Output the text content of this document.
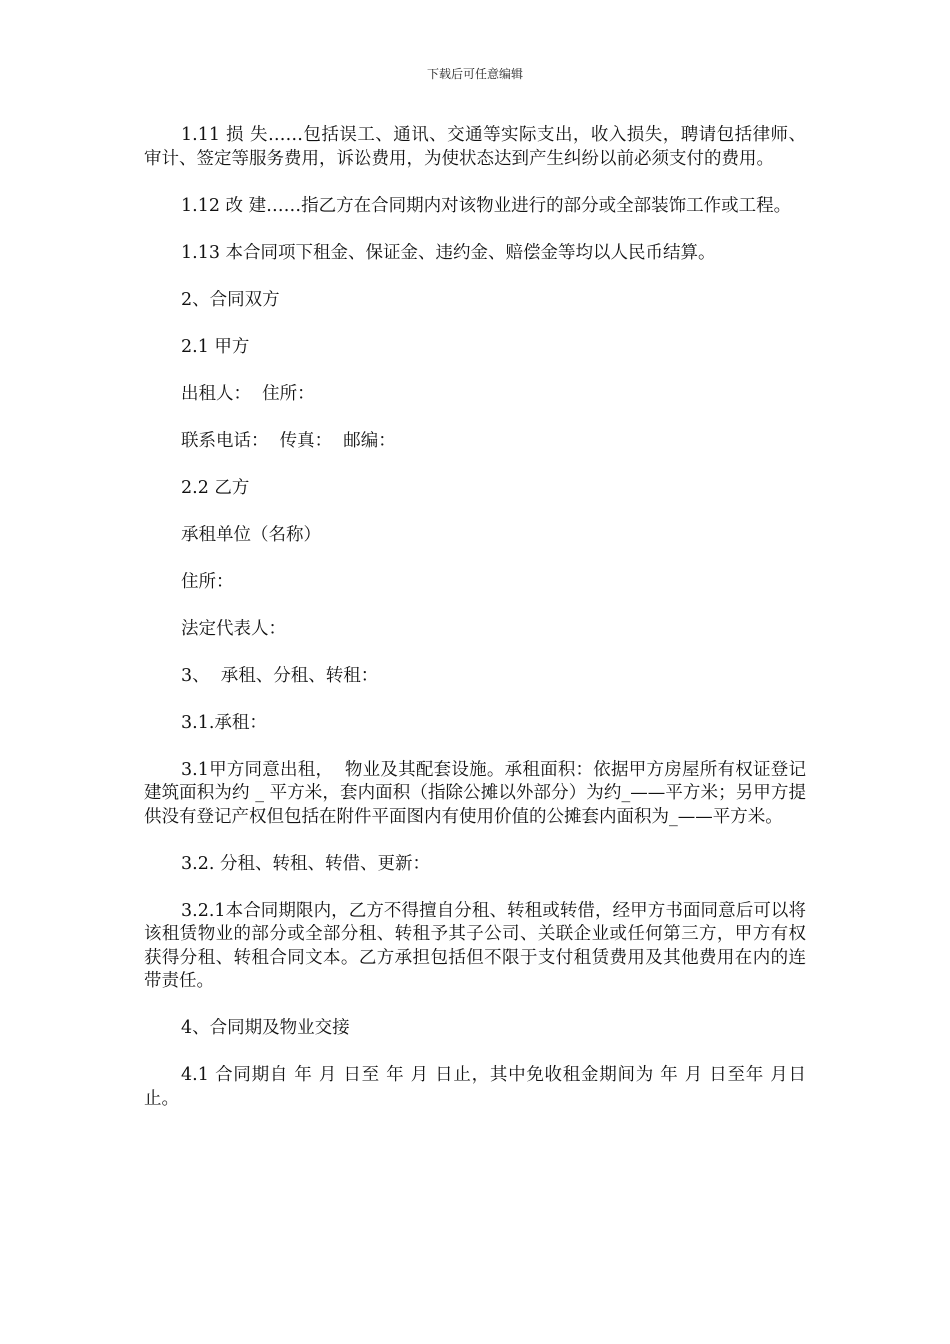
下载后可任意编辑

1.11 损 失……包括误工、通讯、交通等实际支出，收入损失，聘请包括律师、审计、签定等服务费用，诉讼费用，为使状态达到产生纠纷以前必须支付的费用。

1.12 改 建……指乙方在合同期内对该物业进行的部分或全部装饰工作或工程。

1.13 本合同项下租金、保证金、违约金、赔偿金等均以人民币结算。

2、合同双方

2.1 甲方

出租人：  住所：

联系电话：  传真：  邮编：

2.2 乙方

承租单位（名称）

住所：

法定代表人：

3、  承租、分租、转租：

3.1.承租：

3.1甲方同意出租，  物业及其配套设施。承租面积：依据甲方房屋所有权证登记建筑面积为约 _ 平方米，套内面积（指除公摊以外部分）为约_——平方米；另甲方提供没有登记产权但包括在附件平面图内有使用价值的公摊套内面积为_——平方米。

3.2. 分租、转租、转借、更新：

3.2.1本合同期限内，乙方不得擅自分租、转租或转借，经甲方书面同意后可以将该租赁物业的部分或全部分租、转租予其子公司、关联企业或任何第三方，甲方有权获得分租、转租合同文本。乙方承担包括但不限于支付租赁费用及其他费用在内的连带责任。

4、合同期及物业交接

4.1 合同期自 年 月 日至 年 月 日止，其中免收租金期间为 年 月 日至年 月日止。
